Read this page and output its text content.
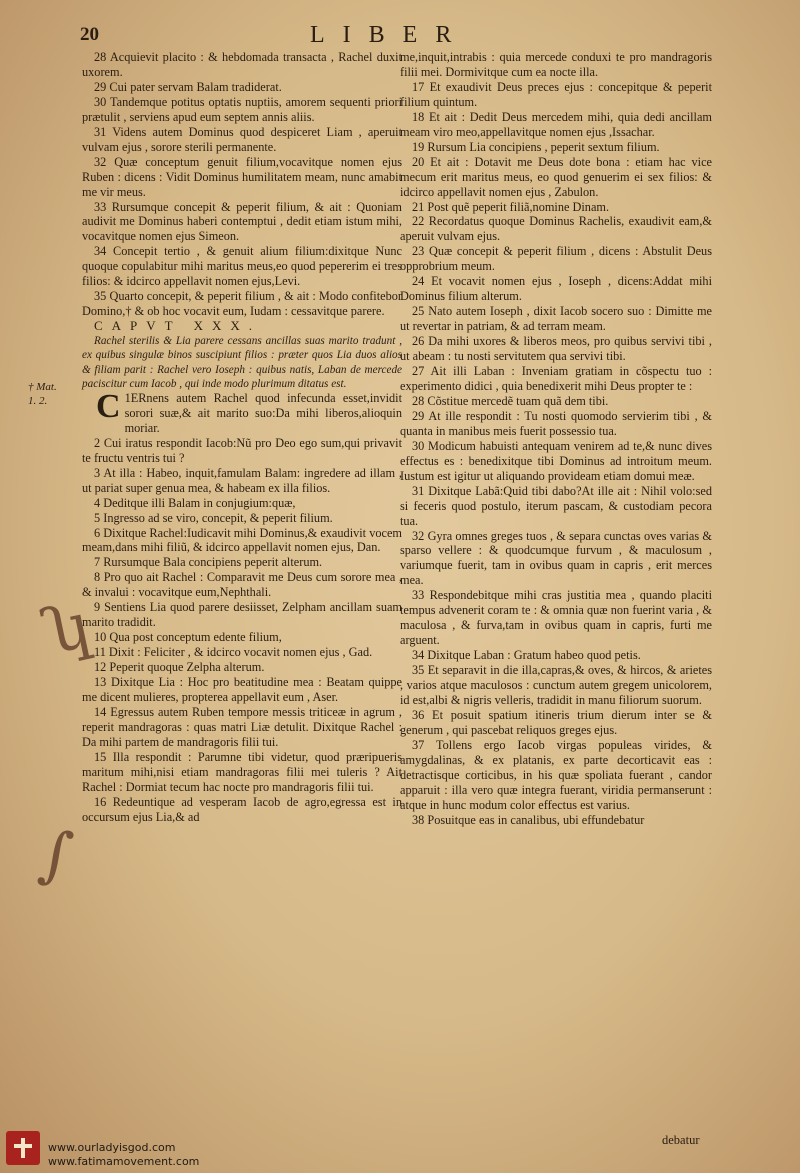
20	LIBER
† Mat.
1. 2.
ʮ
∫

28 Acquievit placito : & hebdomada transacta , Rachel duxit uxorem.

29 Cui pater servam Balam tradiderat.

30 Tandemque potitus optatis nuptiis, amorem sequenti priori prætulit , serviens apud eum septem annis aliis.

31 Videns autem Dominus quod despiceret Liam , aperuit vulvam ejus , sorore sterili permanente.

32 Quæ conceptum genuit filium,vocavitque nomen ejus Ruben : dicens : Vidit Dominus humilitatem meam, nunc amabit me vir meus.

33 Rursumque concepit & peperit filium, & ait : Quoniam audivit me Dominus haberi contemptui , dedit etiam istum mihi, vocavitque nomen ejus Simeon.

34 Concepit tertio , & genuit alium filium:dixitque Nunc quoque copulabitur mihi maritus meus,eo quod pepererim ei tres filios: & idcirco appellavit nomen ejus,Levi.

35 Quarto concepit, & peperit filium , & ait : Modo confitebor Domino,† & ob hoc vocavit eum, Iudam : cessavitque parere.

CAPVT XXX.

Rachel sterilis & Lia parere cessans ancillas suas marito tradunt , ex quibus singulæ binos suscipiunt filios : præter quos Lia duos alios & filiam parit : Rachel vero Ioseph : quibus natis, Laban de mercede paciscitur cum Iacob , qui inde modo plurimum ditatus est.

1
C ERnens autem Rachel quod infecunda esset,invidit sorori suæ,& ait marito suo:Da mihi liberos,alioquin moriar.

2 Cui iratus respondit Iacob:Nũ pro Deo ego sum,qui privavit te fructu ventris tui ?

3 At illa : Habeo, inquit,famulam Balam: ingredere ad illam , ut pariat super genua mea, & habeam ex illa filios.

4 Deditque illi Balam in conjugium:quæ,

5 Ingresso ad se viro, concepit, & peperit filium.

6 Dixitque Rachel:Iudicavit mihi Dominus,& exaudivit vocem meam,dans mihi filiũ, & idcirco appellavit nomen ejus, Dan.

7 Rursumque Bala concipiens peperit alterum.

8 Pro quo ait Rachel : Comparavit me Deus cum sorore mea , & invalui : vocavitque eum,Nephthali.

9 Sentiens Lia quod parere desiisset, Zelpham ancillam suam marito tradidit.

10 Qua post conceptum edente filium,

11 Dixit : Feliciter , & idcirco vocavit nomen ejus , Gad.

12 Peperit quoque Zelpha alterum.

13 Dixitque Lia : Hoc pro beatitudine mea : Beatam quippe me dicent mulieres, propterea appellavit eum , Aser.

14 Egressus autem Ruben tempore messis triticeæ in agrum , reperit mandragoras : quas matri Liæ detulit. Dixitque Rachel : Da mihi partem de mandragoris filii tui.

15 Illa respondit : Parumne tibi videtur, quod præripueris maritum mihi,nisi etiam mandragoras filii mei tuleris ? Ait Rachel : Dormiat tecum hac nocte pro mandragoris filii tui.

16 Redeuntique ad vesperam Iacob de agro,egressa est in occursum ejus Lia,& ad

me,inquit,intrabis : quia mercede conduxi te pro mandragoris filii mei. Dormivitque cum ea nocte illa.

17 Et exaudivit Deus preces ejus : concepitque & peperit filium quintum.

18 Et ait : Dedit Deus mercedem mihi, quia dedi ancillam meam viro meo,appellavitque nomen ejus ,Issachar.

19 Rursum Lia concipiens , peperit sextum filium.

20 Et ait : Dotavit me Deus dote bona : etiam hac vice mecum erit maritus meus, eo quod genuerim ei sex filios: & idcirco appellavit nomen ejus , Zabulon.

21 Post quẽ peperit filiã,nomine Dinam.

22 Recordatus quoque Dominus Rachelis, exaudivit eam,& aperuit vulvam ejus.

23 Quæ concepit & peperit filium , dicens : Abstulit Deus opprobrium meum.

24 Et vocavit nomen ejus , Ioseph , dicens:Addat mihi Dominus filium alterum.

25 Nato autem Ioseph , dixit Iacob socero suo : Dimitte me ut revertar in patriam, & ad terram meam.

26 Da mihi uxores & liberos meos, pro quibus servivi tibi , ut abeam : tu nosti servitutem qua servivi tibi.

27 Ait illi Laban : Inveniam gratiam in cõspectu tuo : experimento didici , quia benedixerit mihi Deus propter te :

28 Cõstitue mercedẽ tuam quã dem tibi.

29 At ille respondit : Tu nosti quomodo servierim tibi , & quanta in manibus meis fuerit possessio tua.

30 Modicum habuisti antequam venirem ad te,& nunc dives effectus es : benedixitque tibi Dominus ad introitum meum. Iustum est igitur ut aliquando provideam etiam domui meæ.

31 Dixitque Labã:Quid tibi dabo?At ille ait : Nihil volo:sed si feceris quod postulo, iterum pascam, & custodiam pecora tua.

32 Gyra omnes greges tuos , & separa cunctas oves varias & sparso vellere : & quodcumque furvum , & maculosum , variumque fuerit, tam in ovibus quam in capris , erit merces mea.

33 Respondebitque mihi cras justitia mea , quando placiti tempus advenerit coram te : & omnia quæ non fuerint varia , & maculosa , & furva,tam in ovibus quam in capris, furti me arguent.

34 Dixitque Laban : Gratum habeo quod petis.

35 Et separavit in die illa,capras,& oves, & hircos, & arietes , varios atque maculosos : cunctum autem gregem unicolorem, id est,albi & nigris velleris, tradidit in manu filiorum suorum.

36 Et posuit spatium itineris trium dierum inter se & generum , qui pascebat reliquos greges ejus.

37 Tollens ergo Iacob virgas populeas virides, & amygdalinas, & ex platanis, ex parte decorticavit eas : detractisque corticibus, in his quæ spoliata fuerant , candor apparuit : illa vero quæ integra fuerant, viridia permanserunt : atque in hunc modum color effectus est varius.

38 Posuitque eas in canalibus, ubi effundebatur

debatur
www.ourladyisgod.com
www.fatimamovement.com
